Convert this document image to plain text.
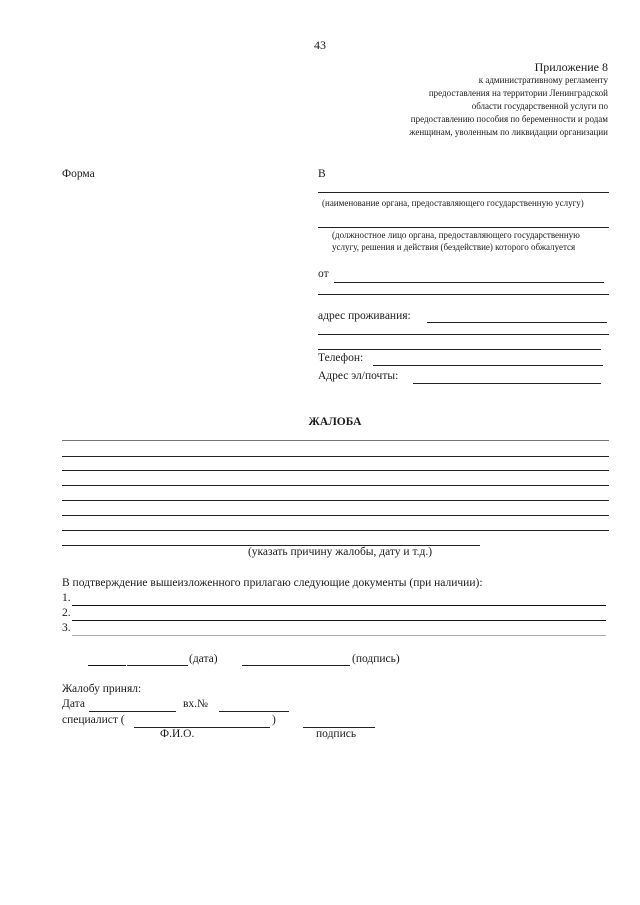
43
Приложение 8
к административному регламенту
предоставления на территории Ленинградской
области государственной услуги по
предоставлению пособия по беременности и родам
женщинам, уволенным по ликвидации организации
Форма	В
(наименование органа, предоставляющего государственную услугу)
(должностное лицо органа, предоставляющего государственную
услугу, решения и действия (бездействие) которого обжалуется
от
адрес проживания:
Телефон:
Адрес эл/почты:
ЖАЛОБА
(указать причину жалобы, дату и т.д.)
В подтверждение вышеизложенного прилагаю следующие документы (при наличии):
1.
2.
3.
(дата)	(подпись)
Жалобу принял:
Дата	вх.№
специалист (	)
Ф.И.О.	подпись
